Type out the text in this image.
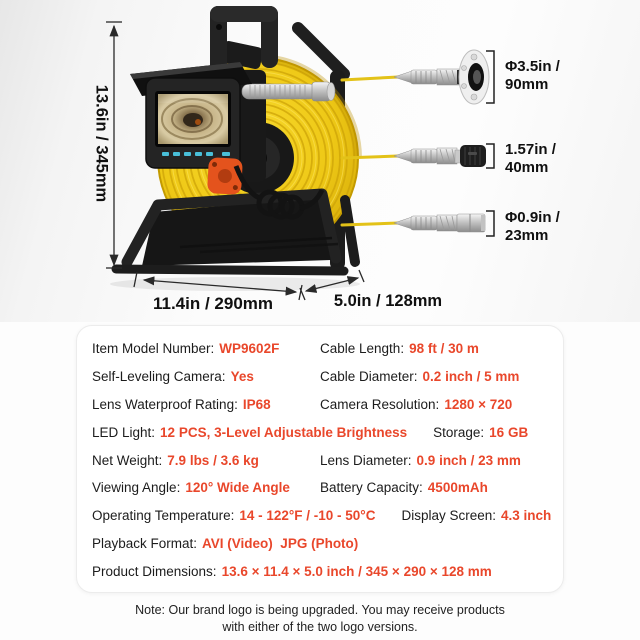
13.6in / 345mm
11.4in / 290mm	5.0in / 128mm
Φ3.5in /
90mm
1.57in /
40mm
Φ0.9in /
23mm
Item Model Number: WP9602F	Cable Length: 98 ft / 30 m
Self-Leveling Camera: Yes	Cable Diameter: 0.2 inch / 5 mm
Lens Waterproof Rating: IP68	Camera Resolution: 1280 × 720
LED Light: 12 PCS, 3-Level Adjustable Brightness Storage: 16 GB
Net Weight: 7.9 lbs / 3.6 kg	Lens Diameter: 0.9 inch / 23 mm
Viewing Angle: 120° Wide Angle Battery Capacity: 4500mAh
Operating Temperature: 14 - 122°F / -10 - 50°C Display Screen: 4.3 inch
Playback Format: AVI (Video)  JPG (Photo)
Product Dimensions: 13.6 × 11.4 × 5.0 inch / 345 × 290 × 128 mm
Note: Our brand logo is being upgraded. You may receive products
with either of the two logo versions.
